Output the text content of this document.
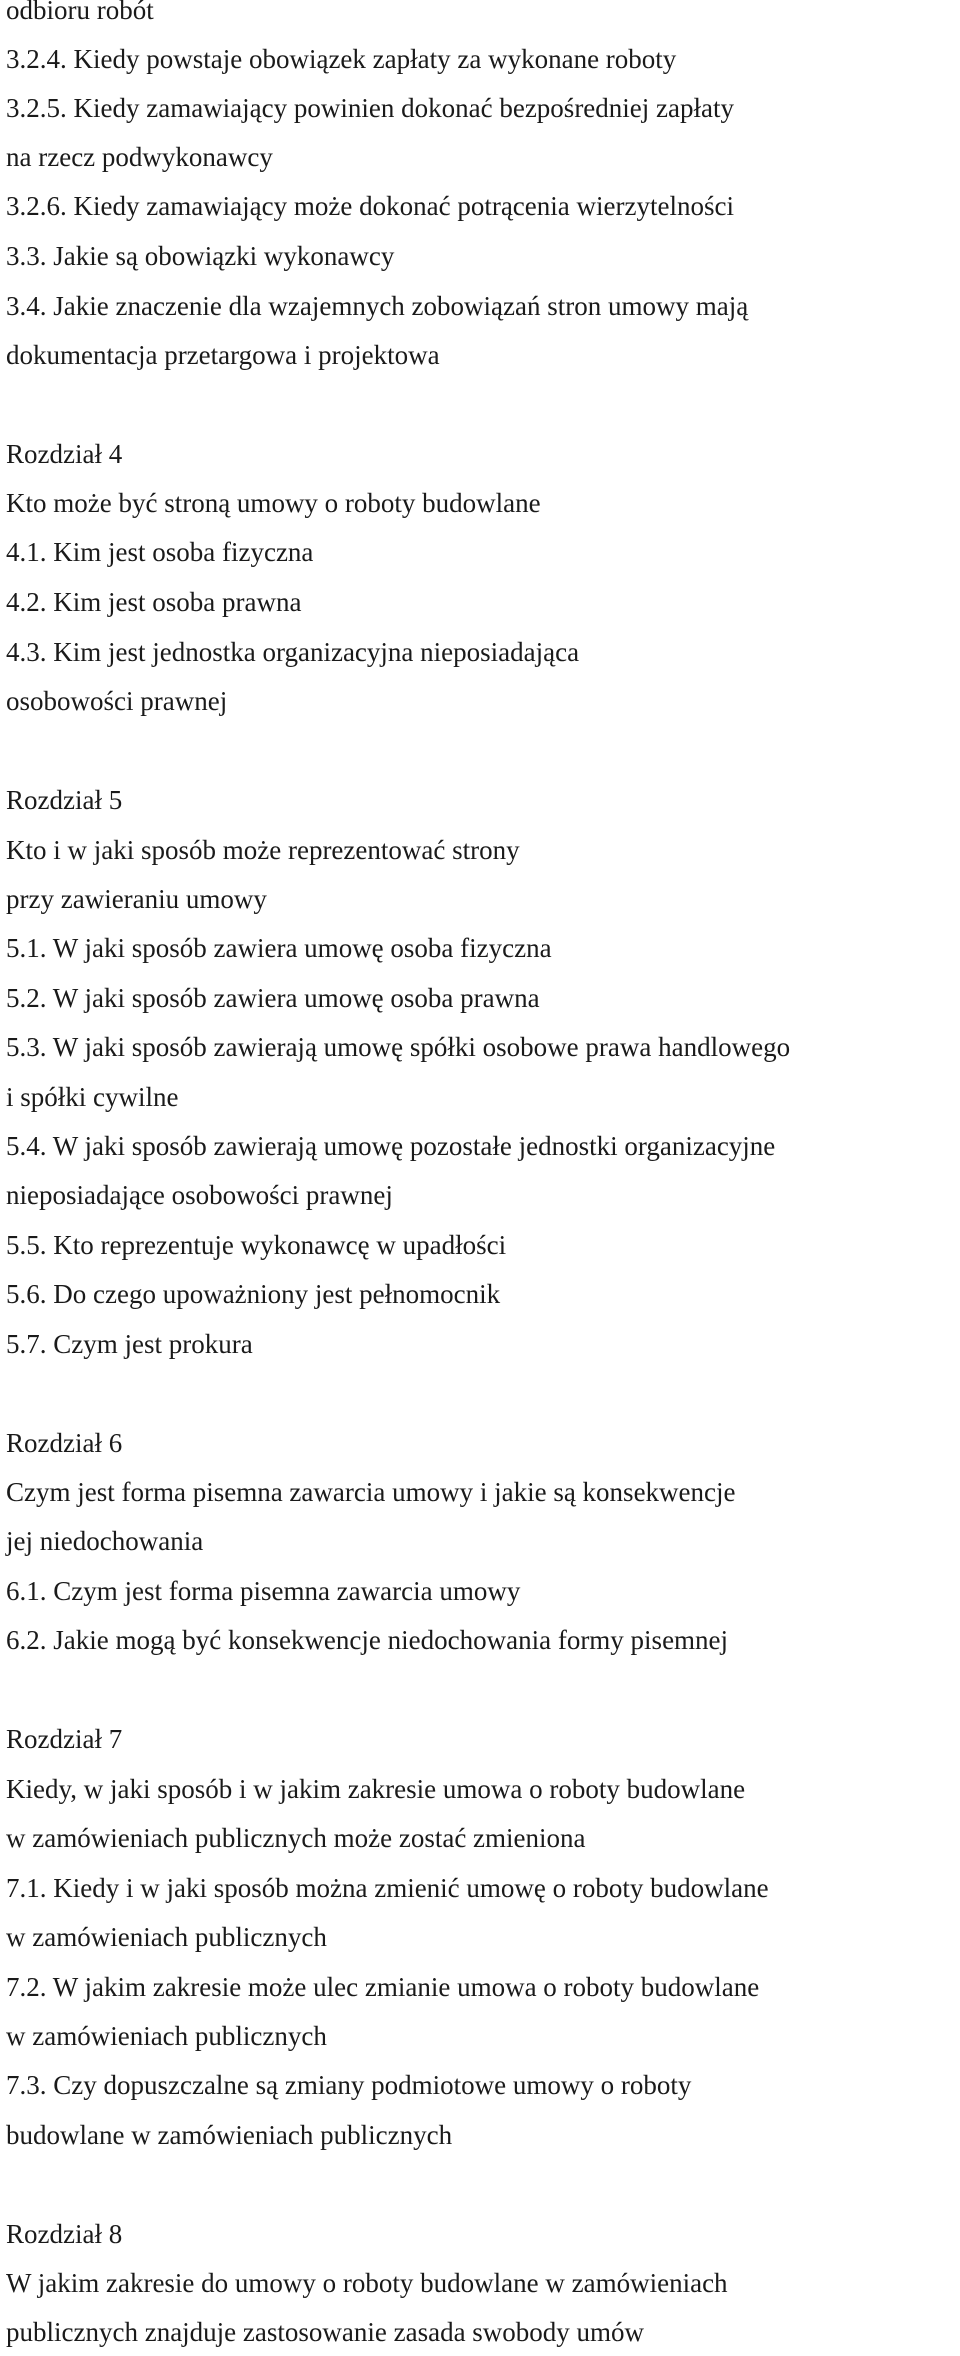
odbioru robót

3.2.4. Kiedy powstaje obowiązek zapłaty za wykonane roboty

3.2.5. Kiedy zamawiający powinien dokonać bezpośredniej zapłaty

na rzecz podwykonawcy

3.2.6. Kiedy zamawiający może dokonać potrącenia wierzytelności

3.3. Jakie są obowiązki wykonawcy

3.4. Jakie znaczenie dla wzajemnych zobowiązań stron umowy mają

dokumentacja przetargowa i projektowa

Rozdział 4

Kto może być stroną umowy o roboty budowlane

4.1. Kim jest osoba fizyczna

4.2. Kim jest osoba prawna

4.3. Kim jest jednostka organizacyjna nieposiadająca

osobowości prawnej

Rozdział 5

Kto i w jaki sposób może reprezentować strony

przy zawieraniu umowy

5.1. W jaki sposób zawiera umowę osoba fizyczna

5.2. W jaki sposób zawiera umowę osoba prawna

5.3. W jaki sposób zawierają umowę spółki osobowe prawa handlowego

i spółki cywilne

5.4. W jaki sposób zawierają umowę pozostałe jednostki organizacyjne

nieposiadające osobowości prawnej

5.5. Kto reprezentuje wykonawcę w upadłości

5.6. Do czego upoważniony jest pełnomocnik

5.7. Czym jest prokura

Rozdział 6

Czym jest forma pisemna zawarcia umowy i jakie są konsekwencje

jej niedochowania

6.1. Czym jest forma pisemna zawarcia umowy

6.2. Jakie mogą być konsekwencje niedochowania formy pisemnej

Rozdział 7

Kiedy, w jaki sposób i w jakim zakresie umowa o roboty budowlane

w zamówieniach publicznych może zostać zmieniona

7.1. Kiedy i w jaki sposób można zmienić umowę o roboty budowlane

w zamówieniach publicznych

7.2. W jakim zakresie może ulec zmianie umowa o roboty budowlane

w zamówieniach publicznych

7.3. Czy dopuszczalne są zmiany podmiotowe umowy o roboty

budowlane w zamówieniach publicznych

Rozdział 8

W jakim zakresie do umowy o roboty budowlane w zamówieniach

publicznych znajduje zastosowanie zasada swobody umów
